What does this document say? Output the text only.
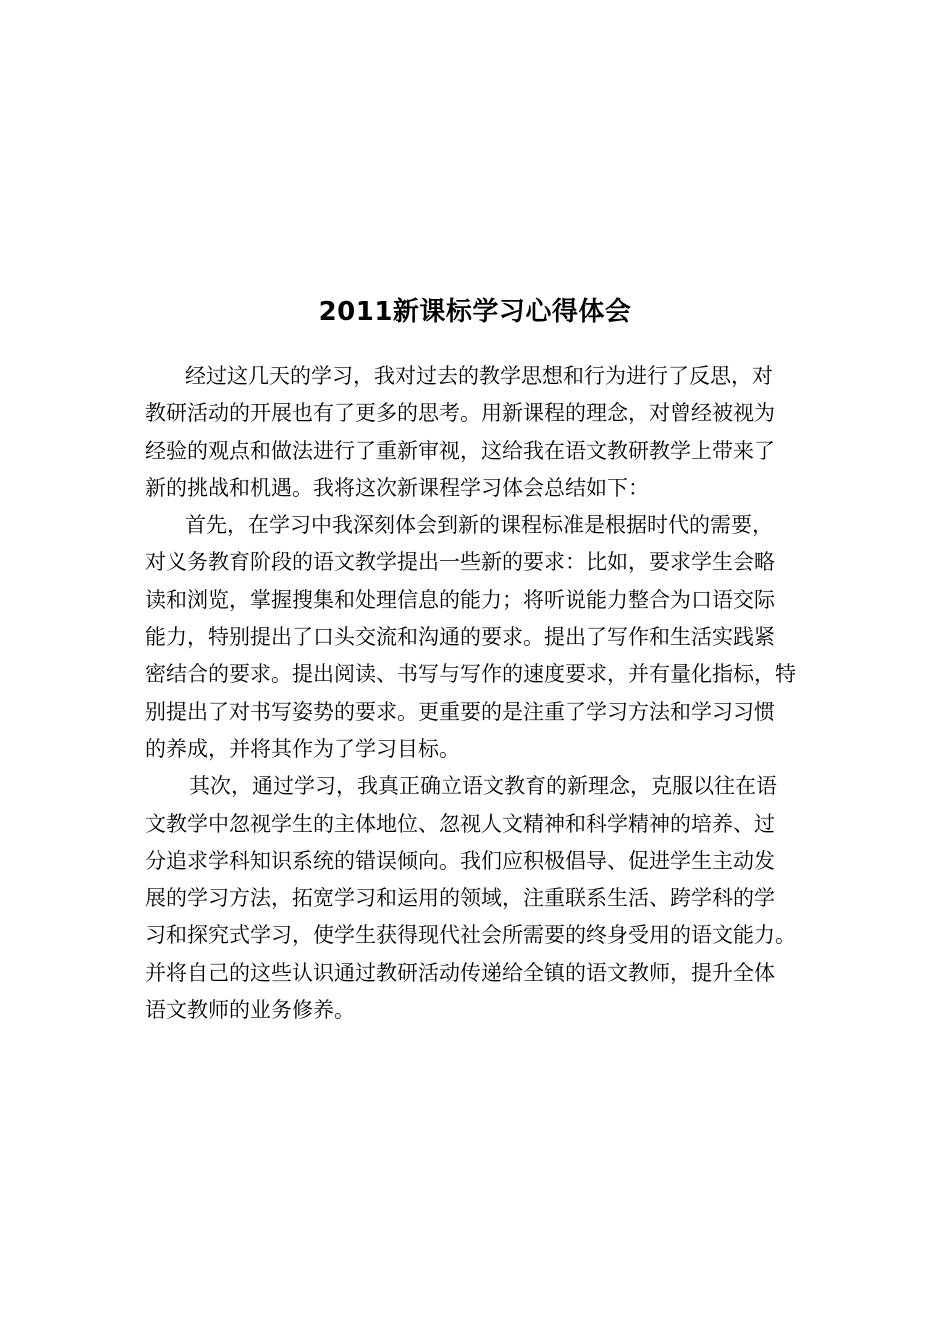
2011新课标学习心得体会
经过这几天的学习，我对过去的教学思想和行为进行了反思，对
教研活动的开展也有了更多的思考。用新课程的理念，对曾经被视为
经验的观点和做法进行了重新审视，这给我在语文教研教学上带来了
新的挑战和机遇。我将这次新课程学习体会总结如下：
首先，在学习中我深刻体会到新的课程标准是根据时代的需要，
对义务教育阶段的语文教学提出一些新的要求：比如，要求学生会略
读和浏览，掌握搜集和处理信息的能力；将听说能力整合为口语交际
能力，特别提出了口头交流和沟通的要求。提出了写作和生活实践紧
密结合的要求。提出阅读、书写与写作的速度要求，并有量化指标，特
别提出了对书写姿势的要求。更重要的是注重了学习方法和学习习惯
的养成，并将其作为了学习目标。
其次，通过学习，我真正确立语文教育的新理念，克服以往在语
文教学中忽视学生的主体地位、忽视人文精神和科学精神的培养、过
分追求学科知识系统的错误倾向。我们应积极倡导、促进学生主动发
展的学习方法，拓宽学习和运用的领域，注重联系生活、跨学科的学
习和探究式学习，使学生获得现代社会所需要的终身受用的语文能力。
并将自己的这些认识通过教研活动传递给全镇的语文教师，提升全体
语文教师的业务修养。
